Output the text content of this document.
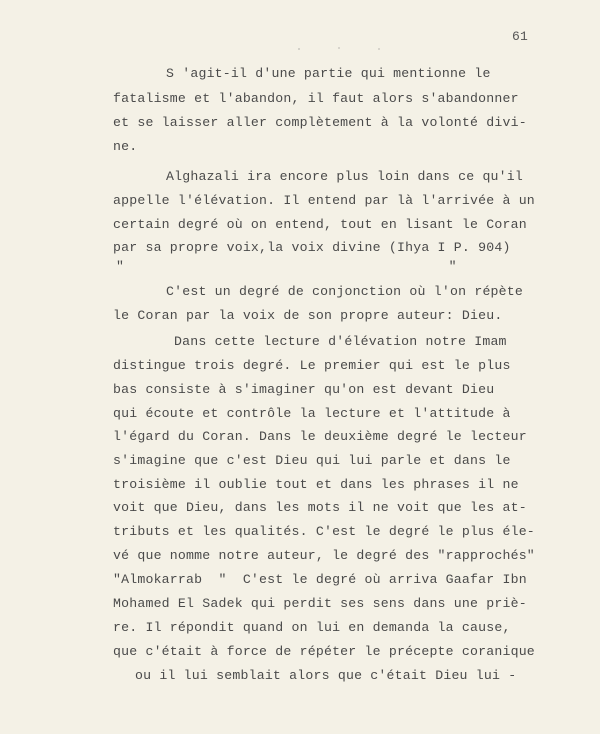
61
S 'agit-il d'une partie qui mentionne le
fatalisme et l'abandon, il faut alors s'abandonner
et se laisser aller complètement à la volonté divi-
ne.
Alghazali ira encore plus loin dans ce qu'il
appelle l'élévation. Il entend par là l'arrivée à un
certain degré où on entend, tout en lisant le Coran
par sa propre voix,la voix divine (Ihya I P. 904)
"                                        "
C'est un degré de conjonction où l'on répète
le Coran par la voix de son propre auteur: Dieu.
Dans cette lecture d'élévation notre Imam
distingue trois degré. Le premier qui est le plus
bas consiste à s'imaginer qu'on est devant Dieu
qui écoute et contrôle la lecture et l'attitude à
l'égard du Coran. Dans le deuxième degré le lecteur
s'imagine que c'est Dieu qui lui parle et dans le
troisième il oublie tout et dans les phrases il ne
voit que Dieu, dans les mots il ne voit que les at-
tributs et les qualités. C'est le degré le plus éle-
vé que nomme notre auteur, le degré des "rapprochés"
"Almokarrab  "  C'est le degré où arriva Gaafar Ibn
Mohamed El Sadek qui perdit ses sens dans une priè-
re. Il répondit quand on lui en demanda la cause,
que c'était à force de répéter le précepte coranique
ou il lui semblait alors que c'était Dieu lui -
